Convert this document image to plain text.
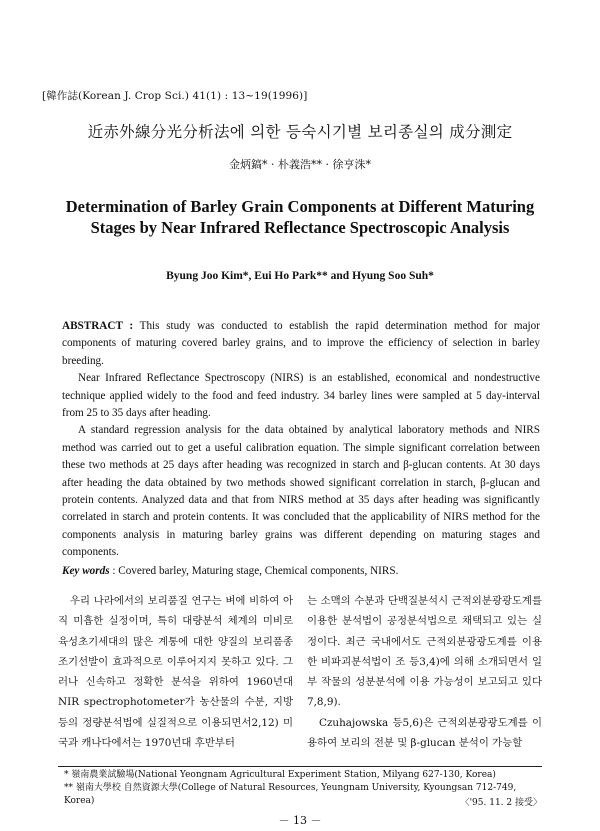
[韓作誌(Korean J. Crop Sci.) 41(1) : 13~19(1996)]
近赤外線分光分析法에 의한 등숙시기별 보리종실의 成分測定
金炳鎬* · 朴義浩** · 徐亨洙*
Determination of Barley Grain Components at Different Maturing Stages by Near Infrared Reflectance Spectroscopic Analysis
Byung Joo Kim*, Eui Ho Park** and Hyung Soo Suh*

ABSTRACT : This study was conducted to establish the rapid determination method for major components of maturing covered barley grains, and to improve the efficiency of selection in barley breeding.

Near Infrared Reflectance Spectroscopy (NIRS) is an established, economical and nondestructive technique applied widely to the food and feed industry. 34 barley lines were sampled at 5 day-interval from 25 to 35 days after heading.

A standard regression analysis for the data obtained by analytical laboratory methods and NIRS method was carried out to get a useful calibration equation. The simple significant correlation between these two methods at 25 days after heading was recognized in starch and β-glucan contents. At 30 days after heading the data obtained by two methods showed significant correlation in starch, β-glucan and protein contents. Analyzed data and that from NIRS method at 35 days after heading was significantly correlated in starch and protein contents. It was concluded that the applicability of NIRS method for the components analysis in maturing barley grains was different depending on maturing stages and components.

Key words : Covered barley, Maturing stage, Chemical components, NIRS.

우리 나라에서의 보리품질 연구는 벼에 비하여 아직 미흡한 실정이며, 특히 대량분석 체계의 미비로 육성초기세대의 많은 계통에 대한 양질의 보리품종 조기선발이 효과적으로 이루어지지 못하고 있다. 그러나 신속하고 정확한 분석을 위하여 1960년대 NIR spectrophotometer가 농산물의 수분, 지방 등의 정량분석법에 실질적으로 이용되면서2,12) 미국과 캐나다에서는 1970년대 후반부터

는 소맥의 수분과 단백질분석시 근적외분광광도계를 이용한 분석법이 공정분석법으로 채택되고 있는 실정이다. 최근 국내에서도 근적외분광광도계를 이용한 비파괴분석법이 조 등3,4)에 의해 소개되면서 일부 작물의 성분분석에 이용 가능성이 보고되고 있다7,8,9).

Czuhajowska 등5,6)은 근적외분광광도계를 이용하여 보리의 전분 및 β-glucan 분석이 가능할

* 嶺南農業試驗場(National Yeongnam Agricultural Experiment Station, Milyang 627-130, Korea)
** 嶺南大學校 自然資源大學(College of Natural Resources, Yeungnam University, Kyoungsan 712-749, Korea)	〈'95. 11. 2 接受〉
－ 13 －
